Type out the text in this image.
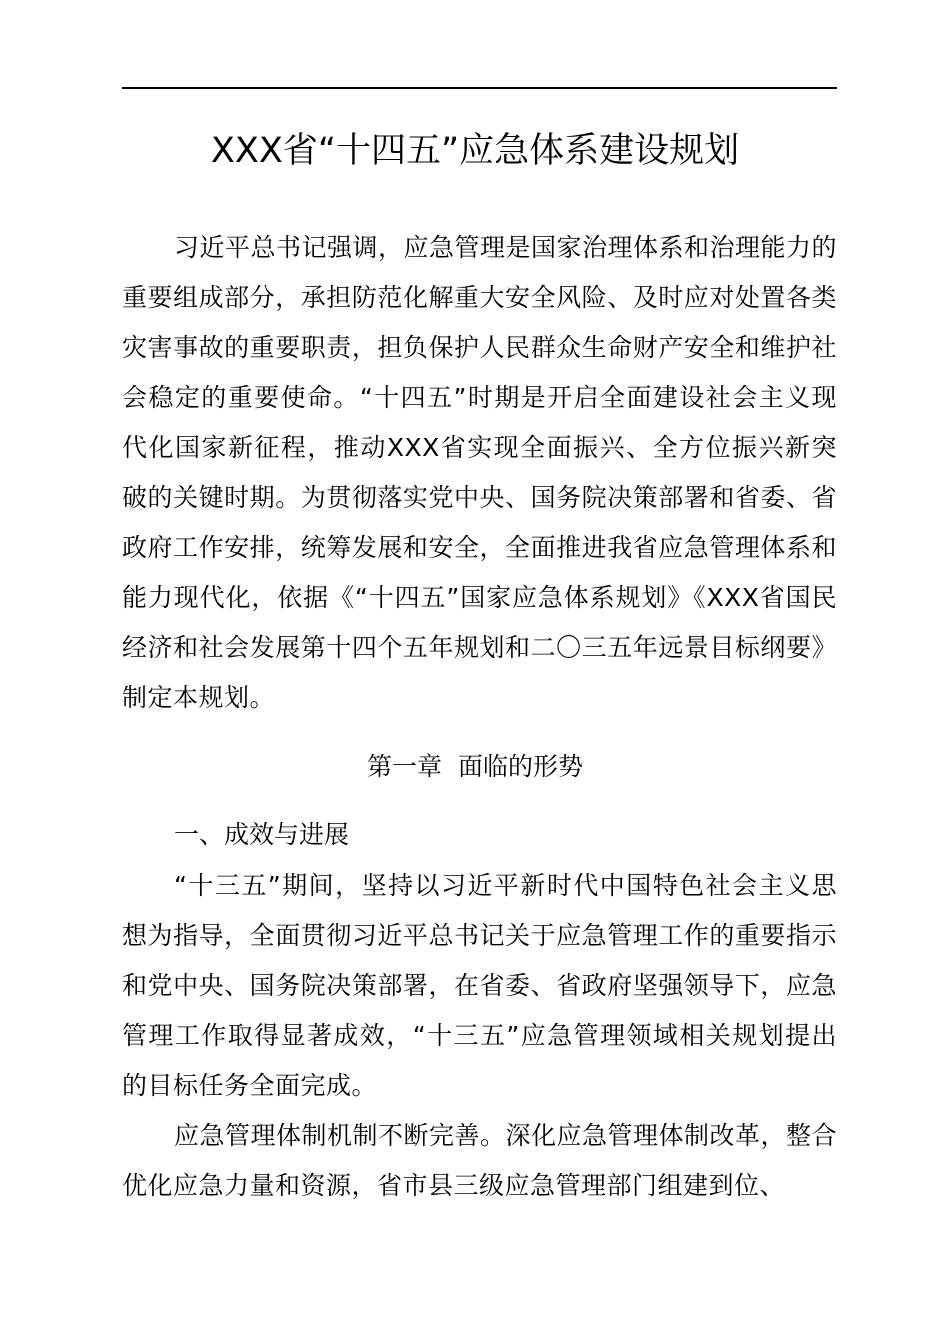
XXX省“十四五”应急体系建设规划

习近平总书记强调，应急管理是国家治理体系和治理能力的重要组成部分，承担防范化解重大安全风险、及时应对处置各类灾害事故的重要职责，担负保护人民群众生命财产安全和维护社会稳定的重要使命。“十四五”时期是开启全面建设社会主义现代化国家新征程，推动XXX省实现全面振兴、全方位振兴新突破的关键时期。为贯彻落实党中央、国务院决策部署和省委、省政府工作安排，统筹发展和安全，全面推进我省应急管理体系和能力现代化，依据《“十四五”国家应急体系规划》《XXX省国民经济和社会发展第十四个五年规划和二〇三五年远景目标纲要》制定本规划。

第一章  面临的形势
一、成效与进展

“十三五”期间，坚持以习近平新时代中国特色社会主义思想为指导，全面贯彻习近平总书记关于应急管理工作的重要指示和党中央、国务院决策部署，在省委、省政府坚强领导下，应急管理工作取得显著成效，“十三五”应急管理领域相关规划提出的目标任务全面完成。

应急管理体制机制不断完善。深化应急管理体制改革，整合优化应急力量和资源，省市县三级应急管理部门组建到位、
